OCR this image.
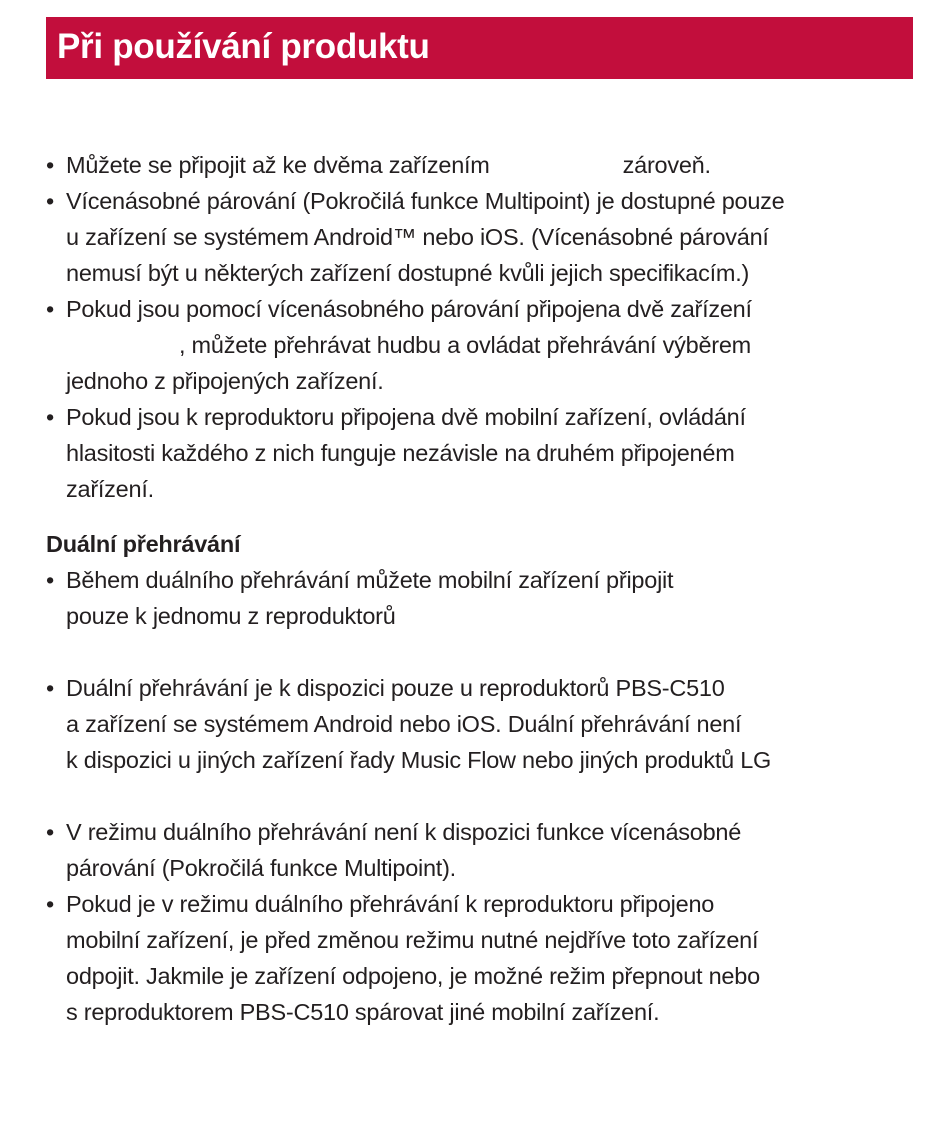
Při používání produktu
• Můžete se připojit až ke dvěma zařízením	zároveň.
• Vícenásobné párování (Pokročilá funkce Multipoint) je dostupné pouze
u zařízení se systémem Android™ nebo iOS. (Vícenásobné párování
nemusí být u některých zařízení dostupné kvůli jejich specifikacím.)
• Pokud jsou pomocí vícenásobného párování připojena dvě zařízení
, můžete přehrávat hudbu a ovládat přehrávání výběrem
jednoho z připojených zařízení.
• Pokud jsou k reproduktoru připojena dvě mobilní zařízení, ovládání
hlasitosti každého z nich funguje nezávisle na druhém připojeném
zařízení.
Duální přehrávání
• Během duálního přehrávání můžete mobilní zařízení připojit
pouze k jednomu z reproduktorů
• Duální přehrávání je k dispozici pouze u reproduktorů PBS-C510
a zařízení se systémem Android nebo iOS. Duální přehrávání není
k dispozici u jiných zařízení řady Music Flow nebo jiných produktů LG
• V režimu duálního přehrávání není k dispozici funkce vícenásobné
párování (Pokročilá funkce Multipoint).
• Pokud je v režimu duálního přehrávání k reproduktoru připojeno
mobilní zařízení, je před změnou režimu nutné nejdříve toto zařízení
odpojit. Jakmile je zařízení odpojeno, je možné režim přepnout nebo
s reproduktorem PBS-C510 spárovat jiné mobilní zařízení.
